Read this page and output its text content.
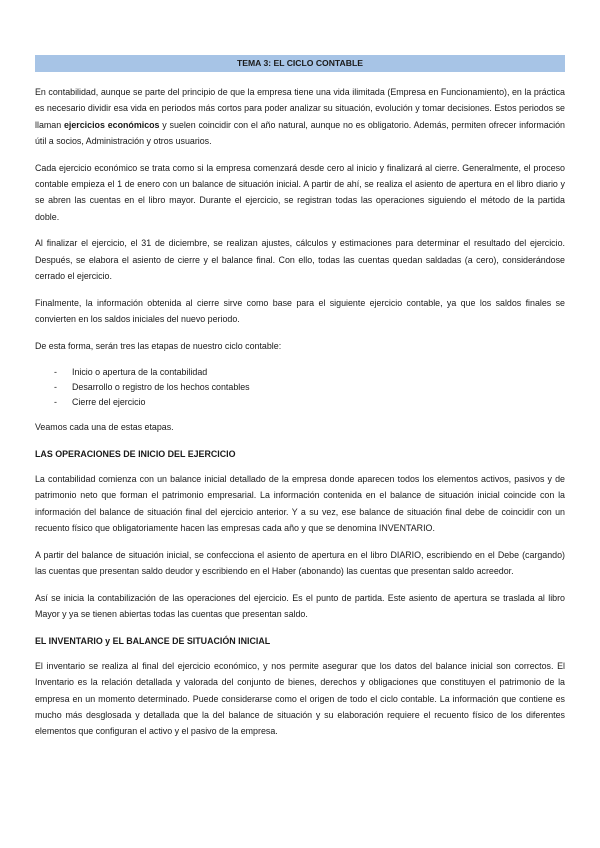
TEMA 3: EL CICLO CONTABLE

En contabilidad, aunque se parte del principio de que la empresa tiene una vida ilimitada (Empresa en Funcionamiento), en la práctica es necesario dividir esa vida en periodos más cortos para poder analizar su situación, evolución y tomar decisiones. Estos periodos se llaman ejercicios económicos y suelen coincidir con el año natural, aunque no es obligatorio. Además, permiten ofrecer información útil a socios, Administración y otros usuarios.

Cada ejercicio económico se trata como si la empresa comenzará desde cero al inicio y finalizará al cierre. Generalmente, el proceso contable empieza el 1 de enero con un balance de situación inicial. A partir de ahí, se realiza el asiento de apertura en el libro diario y se abren las cuentas en el libro mayor. Durante el ejercicio, se registran todas las operaciones siguiendo el método de la partida doble.

Al finalizar el ejercicio, el 31 de diciembre, se realizan ajustes, cálculos y estimaciones para determinar el resultado del ejercicio. Después, se elabora el asiento de cierre y el balance final. Con ello, todas las cuentas quedan saldadas (a cero), considerándose cerrado el ejercicio.

Finalmente, la información obtenida al cierre sirve como base para el siguiente ejercicio contable, ya que los saldos finales se convierten en los saldos iniciales del nuevo periodo.

De esta forma, serán tres las etapas de nuestro ciclo contable:

- Inicio o apertura de la contabilidad
- Desarrollo o registro de los hechos contables
- Cierre del ejercicio

Veamos cada una de estas etapas.

LAS OPERACIONES DE INICIO DEL EJERCICIO

La contabilidad comienza con un balance inicial detallado de la empresa donde aparecen todos los elementos activos, pasivos y de patrimonio neto que forman el patrimonio empresarial. La información contenida en el balance de situación inicial coincide con la información del balance de situación final del ejercicio anterior. Y a su vez, ese balance de situación final debe de coincidir con un recuento físico que obligatoriamente hacen las empresas cada año y que se denomina INVENTARIO.

A partir del balance de situación inicial, se confecciona el asiento de apertura en el libro DIARIO, escribiendo en el Debe (cargando) las cuentas que presentan saldo deudor y escribiendo en el Haber (abonando) las cuentas que presentan saldo acreedor.

Así se inicia la contabilización de las operaciones del ejercicio. Es el punto de partida. Este asiento de apertura se traslada al libro Mayor y ya se tienen abiertas todas las cuentas que presentan saldo.

EL INVENTARIO y EL BALANCE DE SITUACIÓN INICIAL

El inventario se realiza al final del ejercicio económico, y nos permite asegurar que los datos del balance inicial son correctos. El Inventario es la relación detallada y valorada del conjunto de bienes, derechos y obligaciones que constituyen el patrimonio de la empresa en un momento determinado. Puede considerarse como el origen de todo el ciclo contable. La información que contiene es mucho más desglosada y detallada que la del balance de situación y su elaboración requiere el recuento físico de los diferentes elementos que configuran el activo y el pasivo de la empresa.
